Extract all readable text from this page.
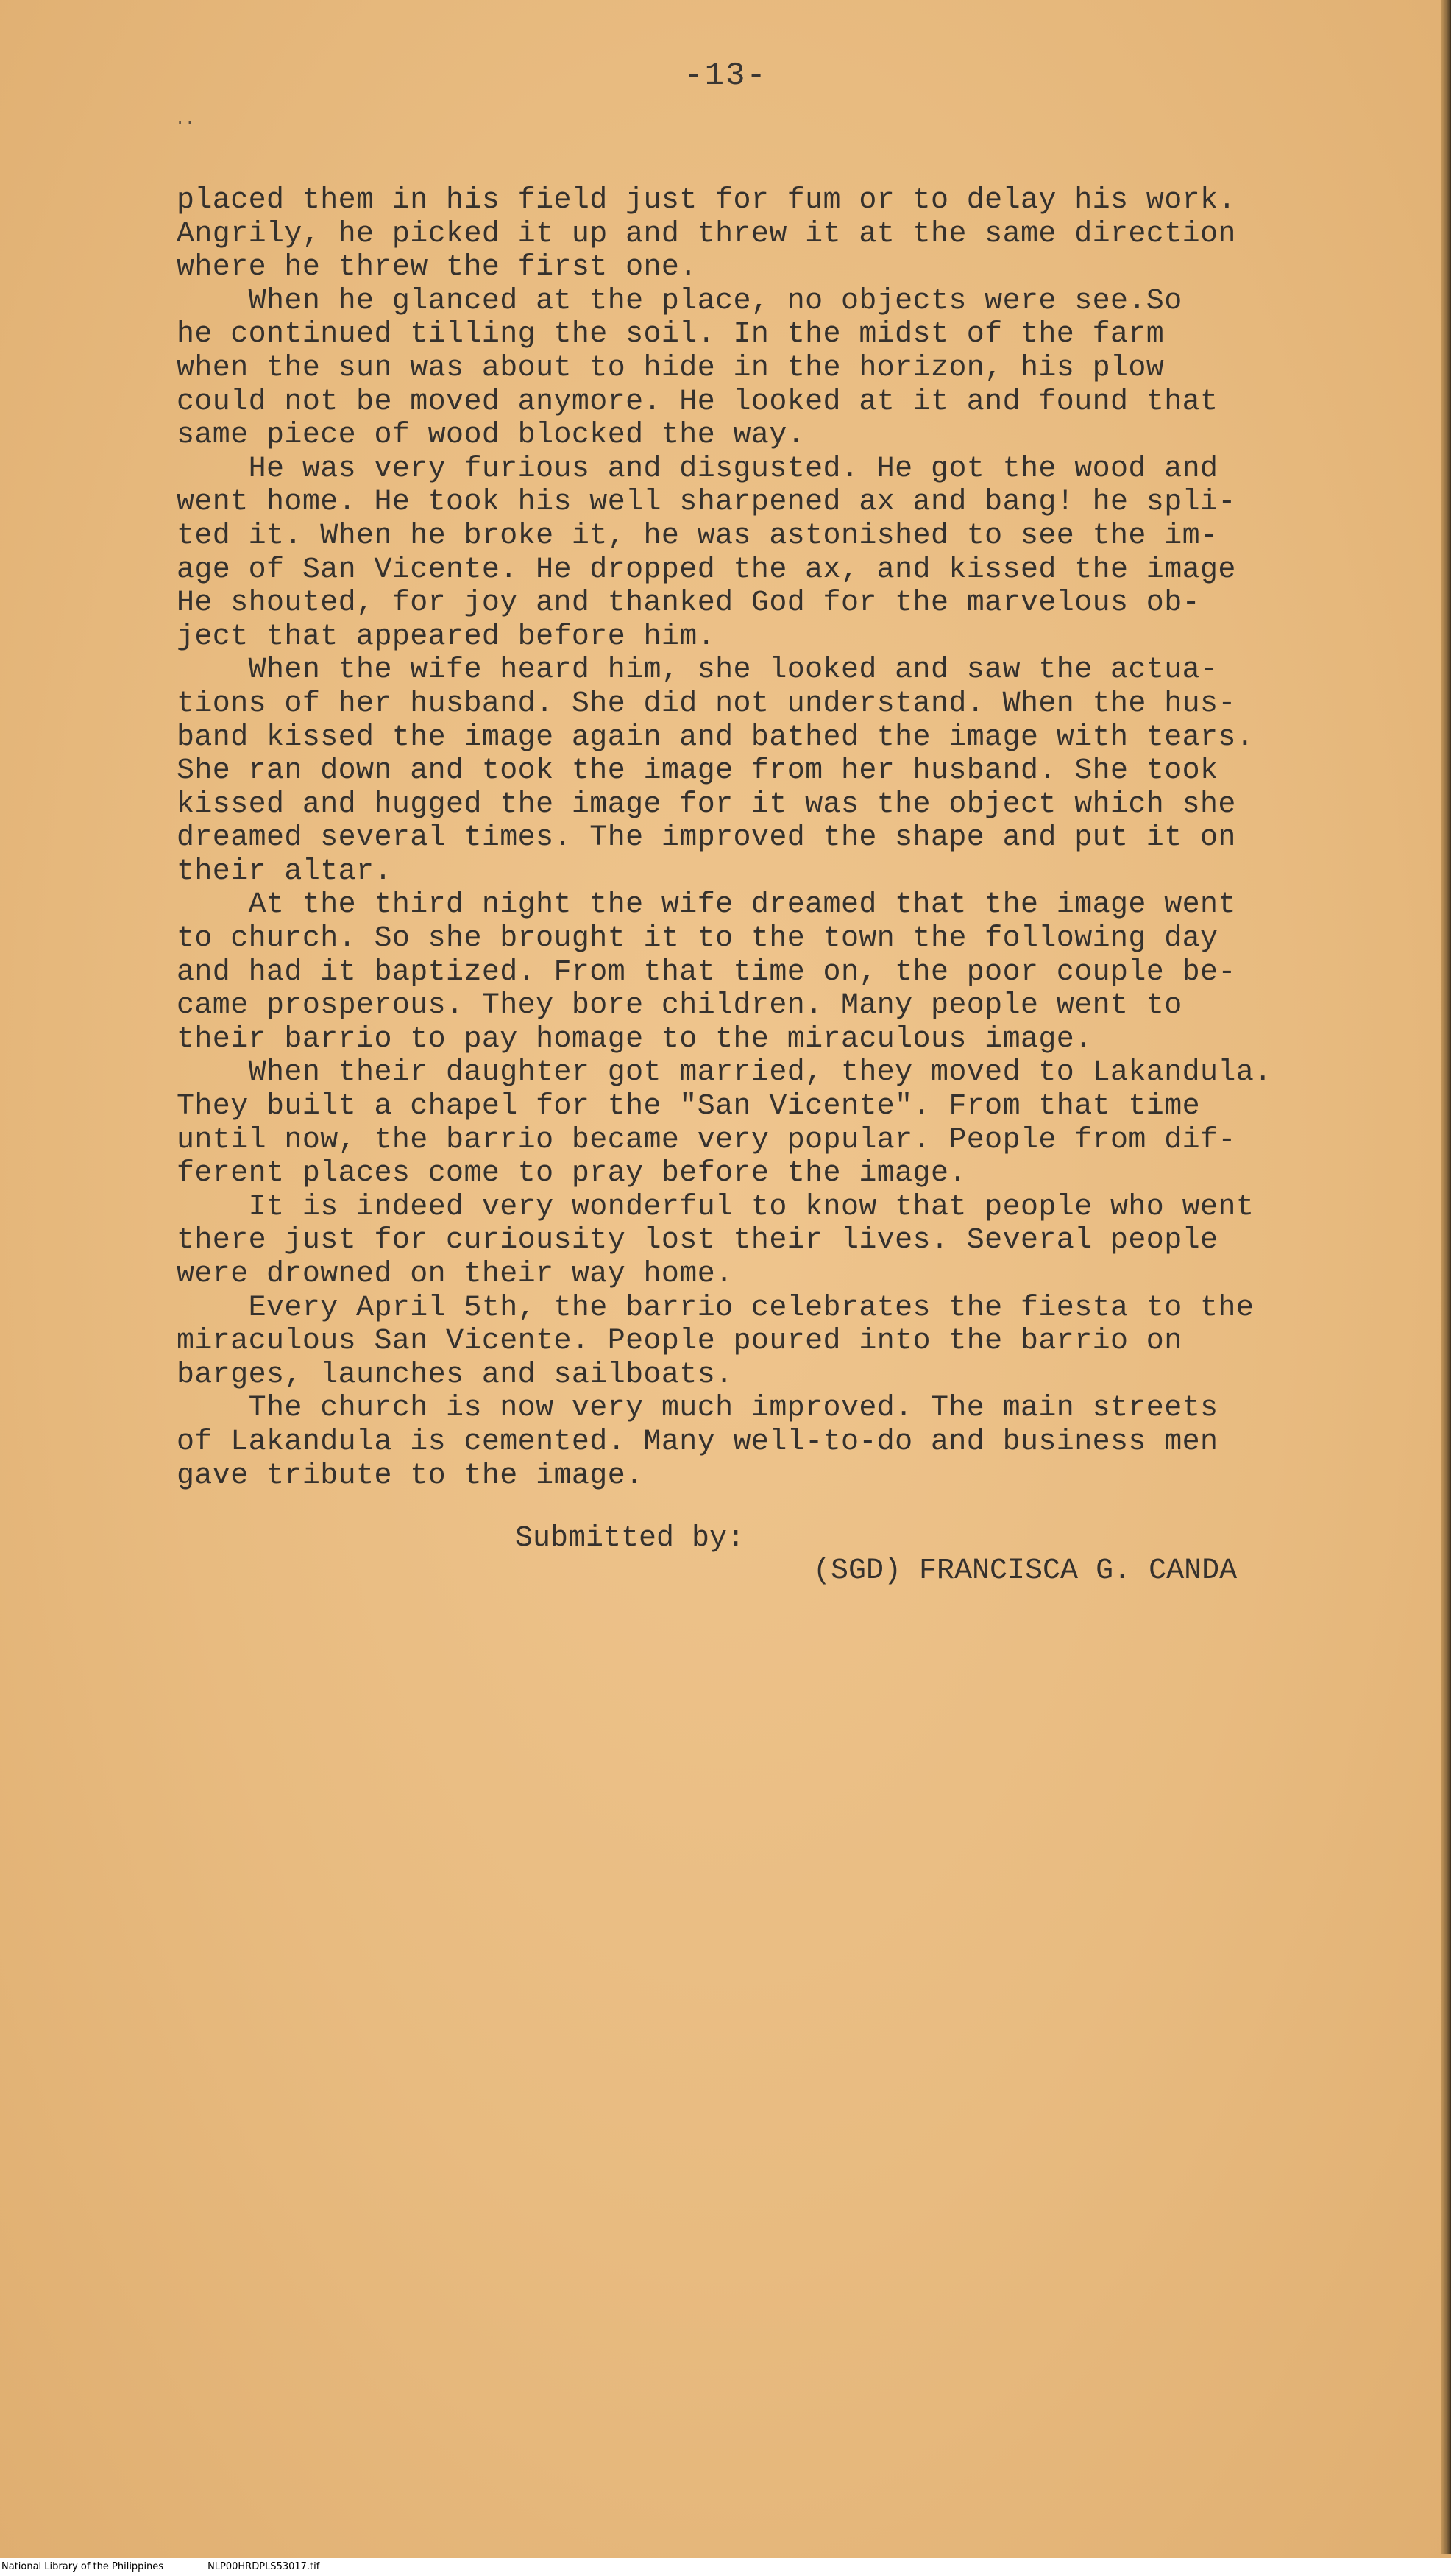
-13-
..
placed them in his field just for fum or to delay his work.
Angrily, he picked it up and threw it at the same direction
where he threw the first one.
When he glanced at the place, no objects were see.So
he continued tilling the soil. In the midst of the farm
when the sun was about to hide in the horizon, his plow
could not be moved anymore. He looked at it and found that
same piece of wood blocked the way.
He was very furious and disgusted. He got the wood and
went home. He took his well sharpened ax and bang! he spli-
ted it. When he broke it, he was astonished to see the im-
age of San Vicente. He dropped the ax, and kissed the image
He shouted, for joy and thanked God for the marvelous ob-
ject that appeared before him.
When the wife heard him, she looked and saw the actua-
tions of her husband. She did not understand. When the hus-
band kissed the image again and bathed the image with tears.
She ran down and took the image from her husband. She took
kissed and hugged the image for it was the object which she
dreamed several times. The improved the shape and put it on
their altar.
At the third night the wife dreamed that the image went
to church. So she brought it to the town the following day
and had it baptized. From that time on, the poor couple be-
came prosperous. They bore children. Many people went to
their barrio to pay homage to the miraculous image.
When their daughter got married, they moved to Lakandula.
They built a chapel for the "San Vicente". From that time
until now, the barrio became very popular. People from dif-
ferent places come to pray before the image.
It is indeed very wonderful to know that people who went
there just for curiousity lost their lives. Several people
were drowned on their way home.
Every April 5th, the barrio celebrates the fiesta to the
miraculous San Vicente. People poured into the barrio on
barges, launches and sailboats.
The church is now very much improved. The main streets
of Lakandula is cemented. Many well-to-do and business men
gave tribute to the image.
Submitted by:
(SGD) FRANCISCA G. CANDA
National Library of the Philippines	NLP00HRDPLS53017.tif
